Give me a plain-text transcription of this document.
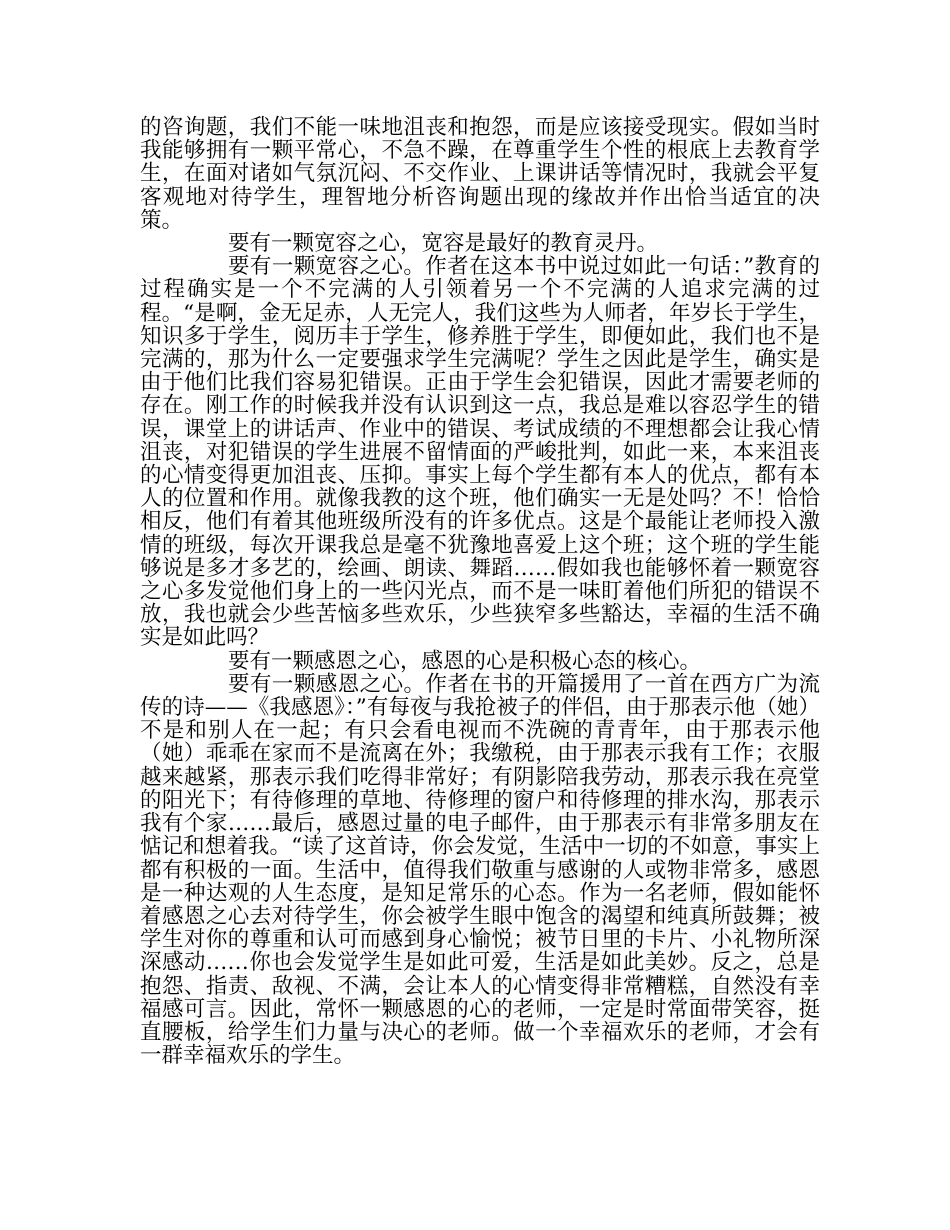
的咨询题，我们不能一味地沮丧和抱怨，而是应该接受现实。假如当时我能够拥有一颗平常心，不急不躁，在尊重学生个性的根底上去教育学生，在面对诸如气氛沉闷、不交作业、上课讲话等情况时，我就会平复客观地对待学生，理智地分析咨询题出现的缘故并作出恰当适宜的决策。

要有一颗宽容之心，宽容是最好的教育灵丹。

要有一颗宽容之心。作者在这本书中说过如此一句话：”教育的过程确实是一个不完满的人引领着另一个不完满的人追求完满的过程。“是啊，金无足赤，人无完人，我们这些为人师者，年岁长于学生，知识多于学生，阅历丰于学生，修养胜于学生，即便如此，我们也不是完满的，那为什么一定要强求学生完满呢？学生之因此是学生，确实是由于他们比我们容易犯错误。正由于学生会犯错误，因此才需要老师的存在。刚工作的时候我并没有认识到这一点，我总是难以容忍学生的错误，课堂上的讲话声、作业中的错误、考试成绩的不理想都会让我心情沮丧，对犯错误的学生进展不留情面的严峻批判，如此一来，本来沮丧的心情变得更加沮丧、压抑。事实上每个学生都有本人的优点，都有本人的位置和作用。就像我教的这个班，他们确实一无是处吗？不！恰恰相反，他们有着其他班级所没有的许多优点。这是个最能让老师投入激情的班级，每次开课我总是毫不犹豫地喜爱上这个班；这个班的学生能够说是多才多艺的，绘画、朗读、舞蹈……假如我也能够怀着一颗宽容之心多发觉他们身上的一些闪光点，而不是一味盯着他们所犯的错误不放，我也就会少些苦恼多些欢乐，少些狭窄多些豁达，幸福的生活不确实是如此吗？

要有一颗感恩之心，感恩的心是积极心态的核心。

要有一颗感恩之心。作者在书的开篇援用了一首在西方广为流传的诗——《我感恩》：”有每夜与我抢被子的伴侣，由于那表示他（她）不是和别人在一起；有只会看电视而不洗碗的青青年，由于那表示他（她）乖乖在家而不是流离在外；我缴税，由于那表示我有工作；衣服越来越紧，那表示我们吃得非常好；有阴影陪我劳动，那表示我在亮堂的阳光下；有待修理的草地、待修理的窗户和待修理的排水沟，那表示我有个家……最后，感恩过量的电子邮件，由于那表示有非常多朋友在惦记和想着我。“读了这首诗，你会发觉，生活中一切的不如意，事实上都有积极的一面。生活中，值得我们敬重与感谢的人或物非常多，感恩是一种达观的人生态度，是知足常乐的心态。作为一名老师，假如能怀着感恩之心去对待学生，你会被学生眼中饱含的渴望和纯真所鼓舞；被学生对你的尊重和认可而感到身心愉悦；被节日里的卡片、小礼物所深深感动……你也会发觉学生是如此可爱，生活是如此美妙。反之，总是抱怨、指责、敌视、不满，会让本人的心情变得非常糟糕，自然没有幸福感可言。因此，常怀一颗感恩的心的老师，一定是时常面带笑容，挺直腰板，给学生们力量与决心的老师。做一个幸福欢乐的老师，才会有一群幸福欢乐的学生。
